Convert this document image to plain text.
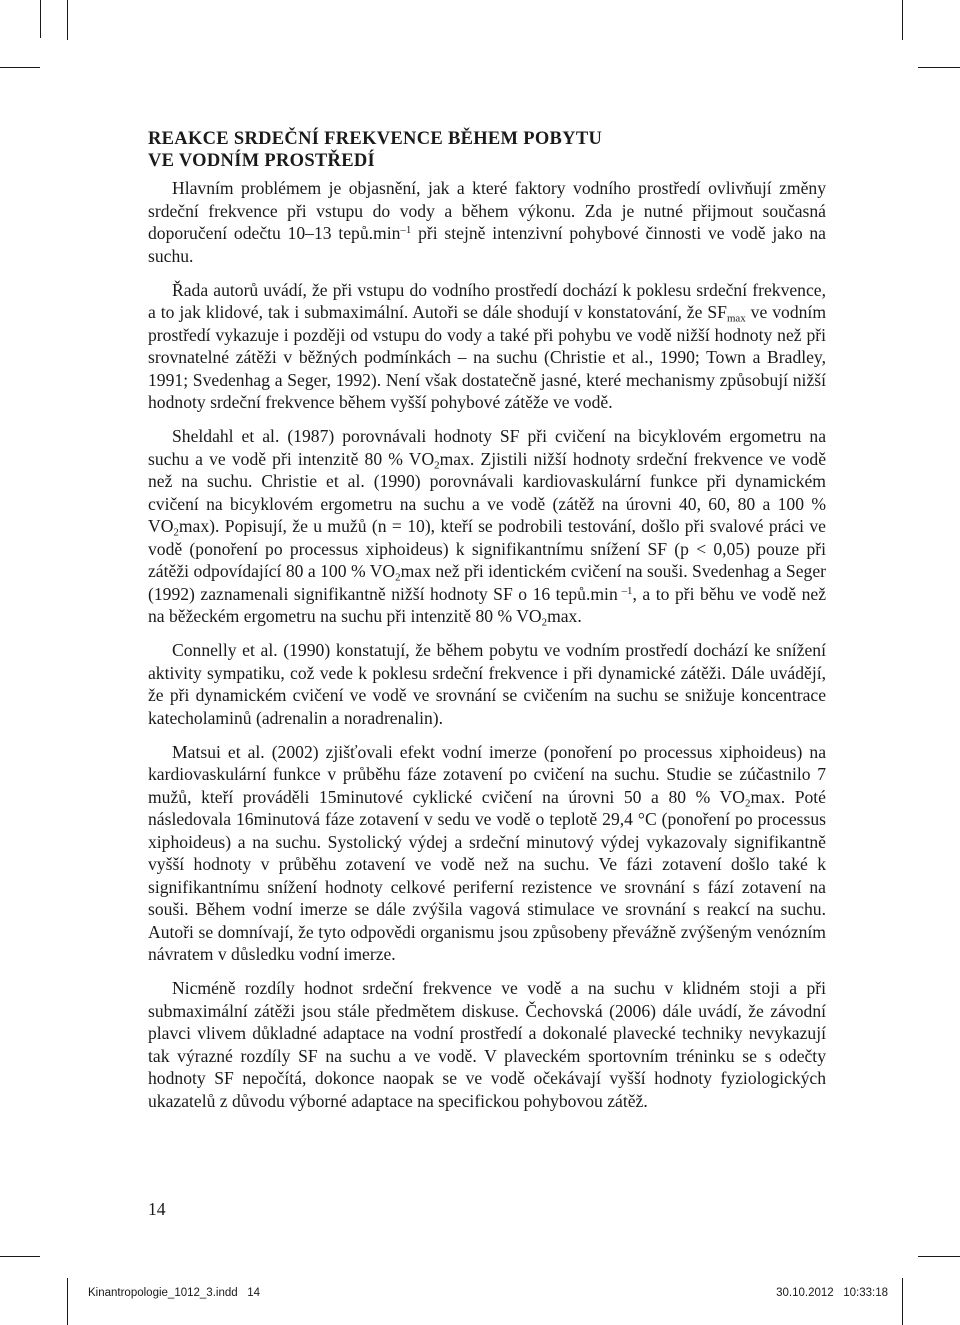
REAKCE SRDEČNÍ FREKVENCE BĚHEM POBYTU
VE VODNÍM PROSTŘEDÍ

Hlavním problémem je objasnění, jak a které faktory vodního prostředí ovlivňují změny srdeční frekvence při vstupu do vody a během výkonu. Zda je nutné přijmout současná doporučení odečtu 10–13 $tepů.\min^{-1}$ při stejně intenzivní pohybové činnosti ve vodě jako na suchu.

Řada autorů uvádí, že při vstupu do vodního prostředí dochází k poklesu srdeční frekvence, a to jak klidové, tak i submaximální. Autoři se dále shodují v konstatování, že $SF_{max}$ ve vodním prostředí vykazuje i později od vstupu do vody a také při pohybu ve vodě nižší hodnoty než při srovnatelné zátěži v běžných podmínkách – na suchu (Christie et al., 1990; Town a Bradley, 1991; Svedenhag a Seger, 1992). Není však dostatečně jasné, které mechanismy způsobují nižší hodnoty srdeční frekvence během vyšší pohybové zátěže ve vodě.

Sheldahl et al. (1987) porovnávali hodnoty SF při cvičení na bicyklovém ergometru na suchu a ve vodě při intenzitě 80 % $VO_2\max$. Zjistili nižší hodnoty srdeční frekvence ve vodě než na suchu. Christie et al. (1990) porovnávali kardiovaskulární funkce při dynamickém cvičení na bicyklovém ergometru na suchu a ve vodě (zátěž na úrovni 40, 60, 80 a 100 % $VO_2\max$). Popisují, že u mužů (n = 10), kteří se podrobili testování, došlo při svalové práci ve vodě (ponoření po processus xiphoideus) k signifikantnímu snížení SF (p < 0,05) pouze při zátěži odpovídající 80 a 100 % $VO_2\max$ než při identickém cvičení na souši. Svedenhag a Seger (1992) zaznamenali signifikantně nižší hodnoty SF o 16 tepů.min $^{-1}$, a to při běhu ve vodě než na běžeckém ergometru na suchu při intenzitě 80 % $VO_2\max$.

Connelly et al. (1990) konstatují, že během pobytu ve vodním prostředí dochází ke snížení aktivity sympatiku, což vede k poklesu srdeční frekvence i při dynamické zátěži. Dále uvádějí, že při dynamickém cvičení ve vodě ve srovnání se cvičením na suchu se snižuje koncentrace katecholaminů (adrenalin a noradrenalin).

Matsui et al. (2002) zjišťovali efekt vodní imerze (ponoření po processus xiphoideus) na kardiovaskulární funkce v průběhu fáze zotavení po cvičení na suchu. Studie se zúčastnilo 7 mužů, kteří prováděli 15minutové cyklické cvičení na úrovni 50 a 80 % $VO_2\max$. Poté následovala 16minutová fáze zotavení v sedu ve vodě o teplotě 29,4 °C (ponoření po processus xiphoideus) a na suchu. Systolický výdej a srdeční minutový výdej vykazovaly signifikantně vyšší hodnoty v průběhu zotavení ve vodě než na suchu. Ve fázi zotavení došlo také k signifikantnímu snížení hodnoty celkové periferní rezistence ve srovnání s fází zotavení na souši. Během vodní imerze se dále zvýšila vagová stimulace ve srovnání s reakcí na suchu. Autoři se domnívají, že tyto odpovědi organismu jsou způsobeny převážně zvýšeným venózním návratem v důsledku vodní imerze.

Nicméně rozdíly hodnot srdeční frekvence ve vodě a na suchu v klidném stoji a při submaximální zátěži jsou stále předmětem diskuse. Čechovská (2006) dále uvádí, že závodní plavci vlivem důkladné adaptace na vodní prostředí a dokonalé plavecké techniky nevykazují tak výrazné rozdíly SF na suchu a ve vodě. V plaveckém sportovním tréninku se s odečty hodnoty SF nepočítá, dokonce naopak se ve vodě očekávají vyšší hodnoty fyziologických ukazatelů z důvodu výborné adaptace na specifickou pohybovou zátěž.

14
Kinantropologie_1012_3.indd   14	30.10.2012   10:33:18
